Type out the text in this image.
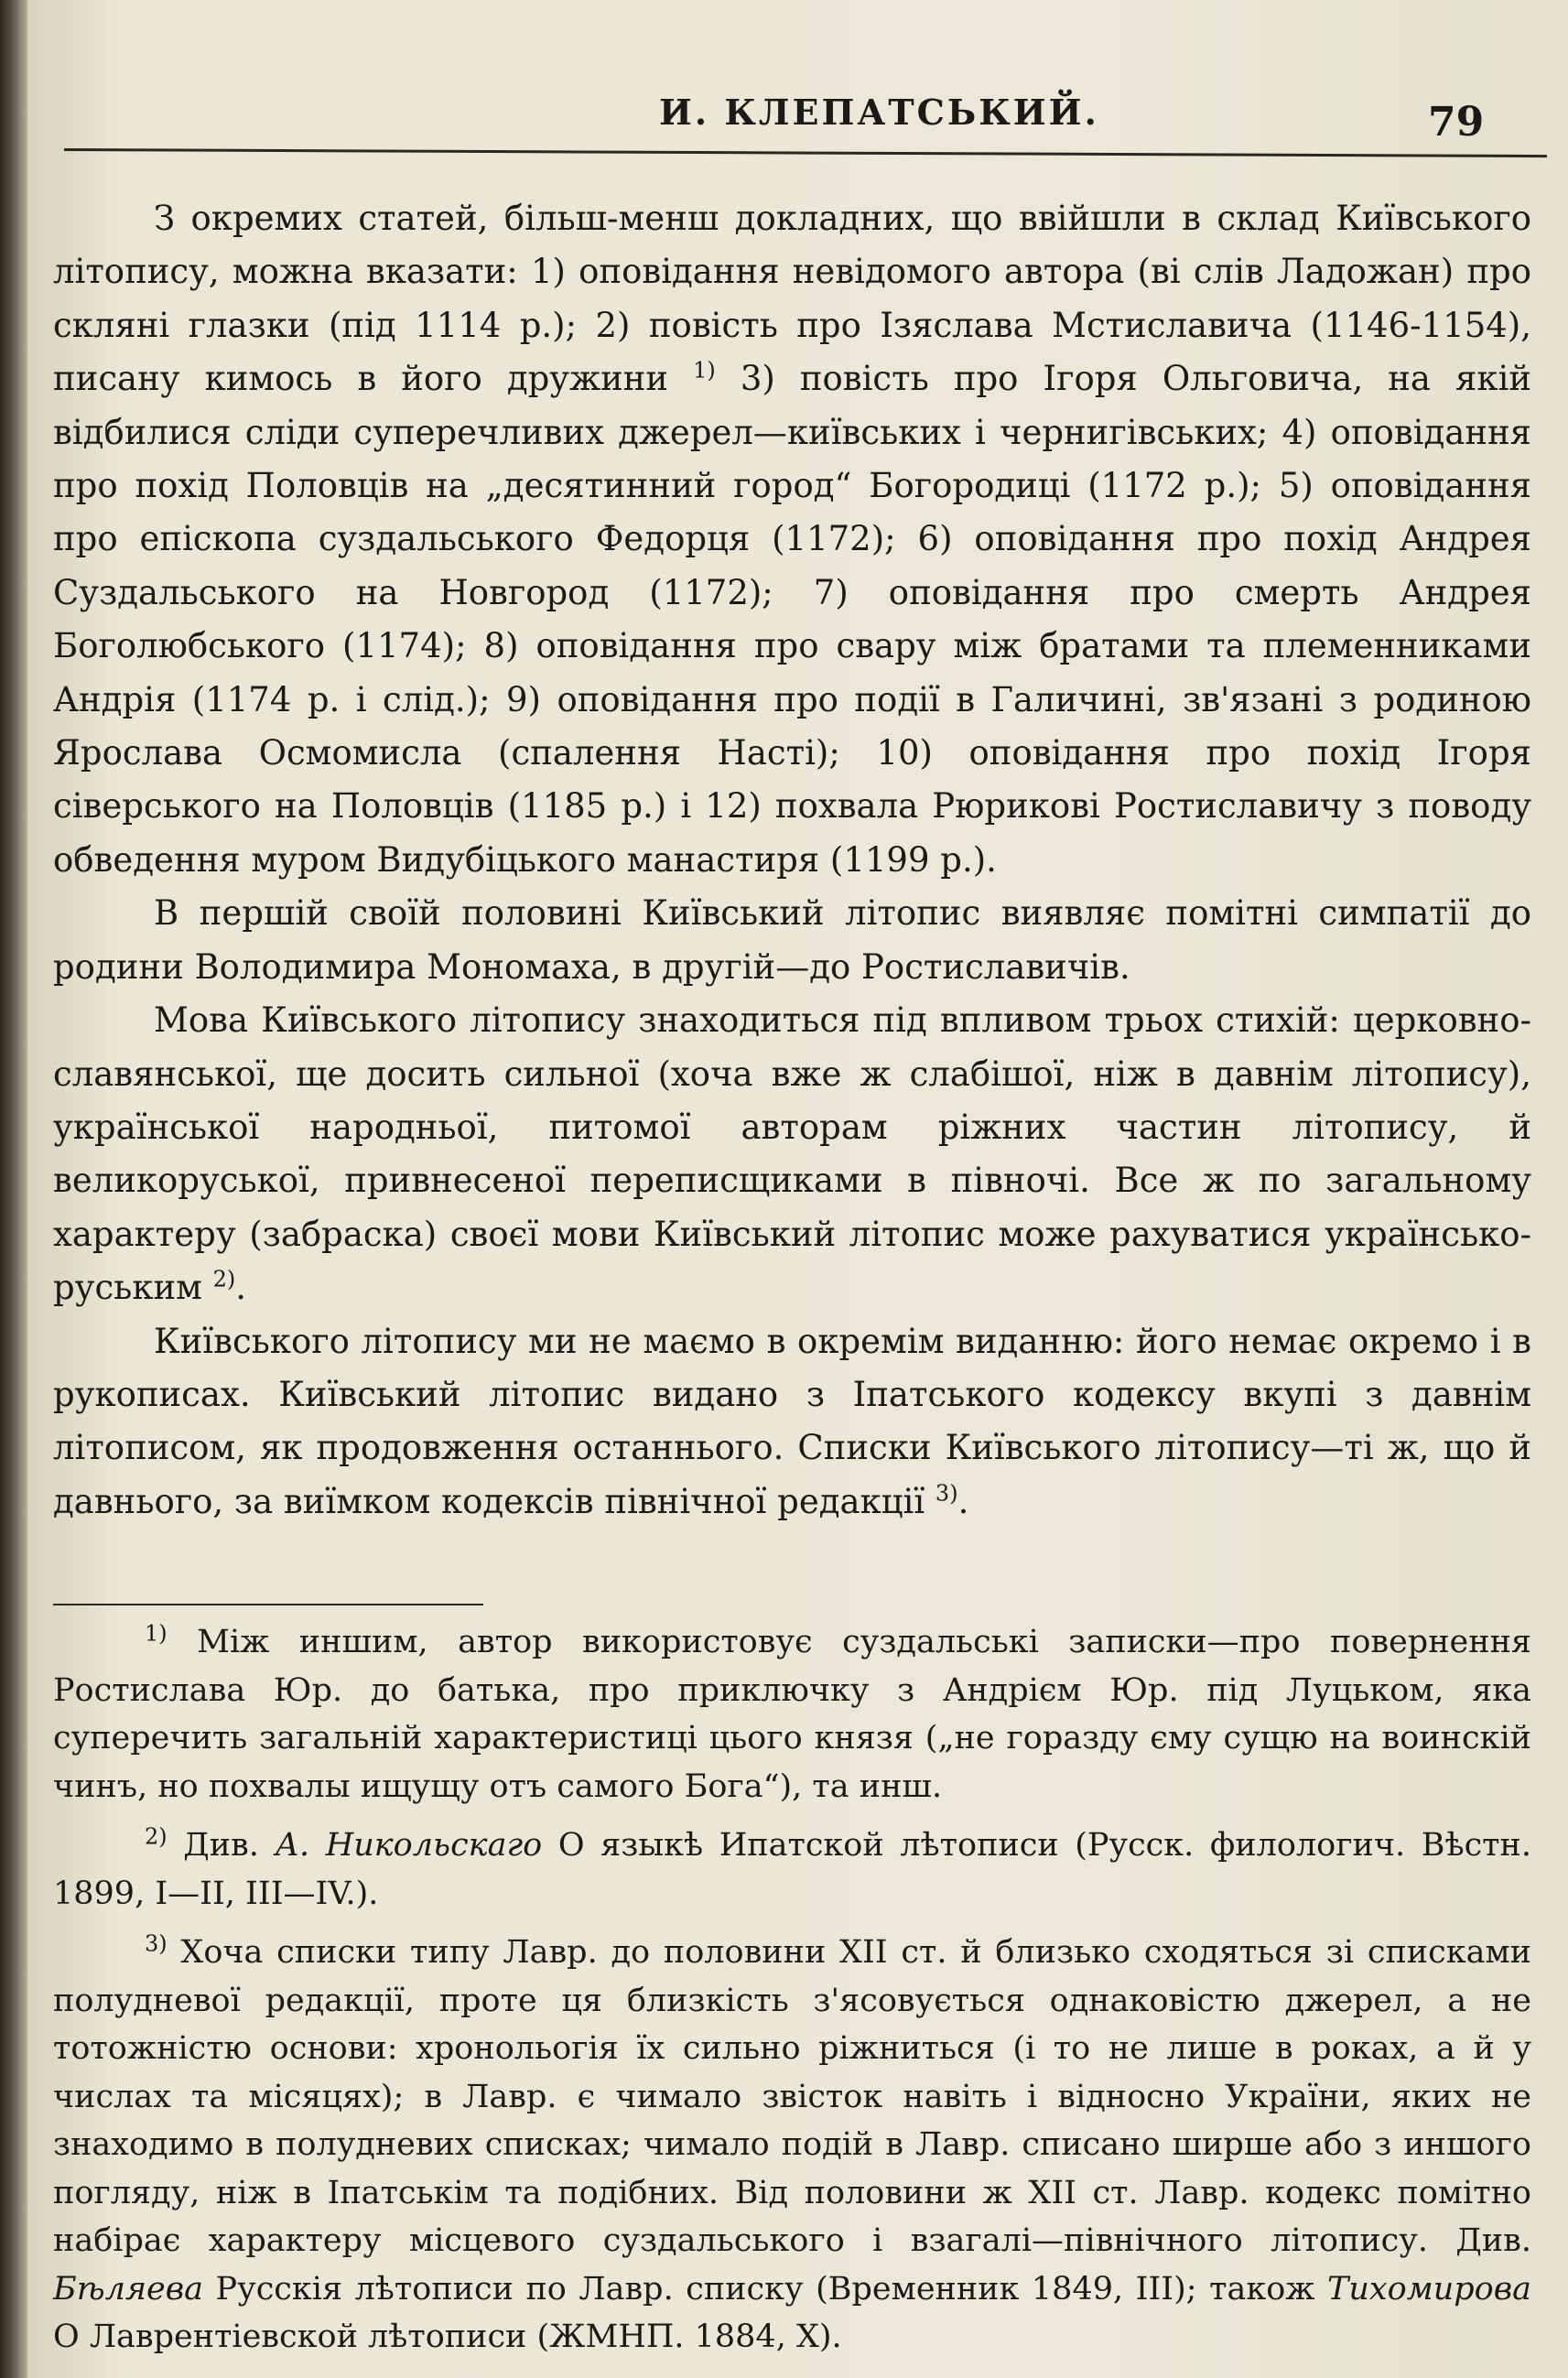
И. КЛЕПАТСЬКИЙ.	79

З окремих статей, більш-менш докладних, що ввійшли в склад Київського літопису, можна вказати: 1) оповідання невідомого автора (ві слів Ладожан) про скляні глазки (під 1114 р.); 2) повість про Ізяслава Мстиславича (1146-1154), писану кимось в його дружини $^{1)}$ 3) повість про Ігоря Ольговича, на якій відбилися сліди суперечливих джерел—київських і чернигівських; 4) оповідання про похід Половців на „десятинний город“ Богородиці (1172 р.); 5) оповідання про епіскопа суздальського Федорця (1172); 6) оповідання про похід Андрея Суздальського на Новгород (1172); 7) оповідання про смерть Андрея Боголюбського (1174); 8) оповідання про свару між братами та племенниками Андрія (1174 р. і слід.); 9) оповідання про події в Галичині, зв'язані з родиною Ярослава Осмомисла (спалення Насті); 10) оповідання про похід Ігоря сіверського на Половців (1185 р.) і 12) похвала Рюрикові Ростиславичу з поводу обведення муром Видубіцького манастиря (1199 р.).

В першій своїй половині Київський літопис виявляє помітні симпатії до родини Володимира Мономаха, в другій—до Ростиславичів.

Мова Київського літопису знаходиться під впливом трьох стихій: церковно-славянської, ще досить сильної (хоча вже ж слабішої, ніж в давнім літопису), української народньої, питомої авторам ріжних частин літопису, й великоруської, привнесеної переписщиками в півночі. Все ж по загальному характеру (забраска) своєї мови Київський літопис може рахуватися українсько-руським $^{2)}$.

Київського літопису ми не маємо в окремім виданню: його немає окремо і в рукописах. Київський літопис видано з Іпатського кодексу вкупі з давнім літописом, як продовження останнього. Списки Київського літопису—ті ж, що й давнього, за виїмком кодексів північної редакції $^{3)}$.

$^{1)}$ Між иншим, автор використовує суздальські записки—про повернення Ростислава Юр. до батька, про приключку з Андрієм Юр. під Луцьком, яка суперечить загальній характеристиці цього князя („не горазду єму сущю на воинскій чинъ, но похвалы ищущу отъ самого Бога“), та инш.

$^{2)}$ Див. А. Никольскаго О языкѣ Ипатской лѣтописи (Русск. филологич. Вѣстн. 1899, I—II, III—IV.).

$^{3)}$ Хоча списки типу Лавр. до половини XII ст. й близько сходяться зі списками полудневої редакції, проте ця близкість з'ясовується однаковістю джерел, а не тотожністю основи: хронольогія їх сильно ріжниться (і то не лише в роках, а й у числах та місяцях); в Лавр. є чимало звісток навіть і відносно України, яких не знаходимо в полудневих списках; чимало подій в Лавр. списано ширше або з иншого погляду, ніж в Іпатськім та подібних. Від половини ж XII ст. Лавр. кодекс помітно набірає характеру місцевого суздальського і взагалі—північного літопису. Див. Бѣляева Русскія лѣтописи по Лавр. списку (Временник 1849, III); також Тихомирова О Лаврентіевской лѣтописи (ЖМНП. 1884, X).
